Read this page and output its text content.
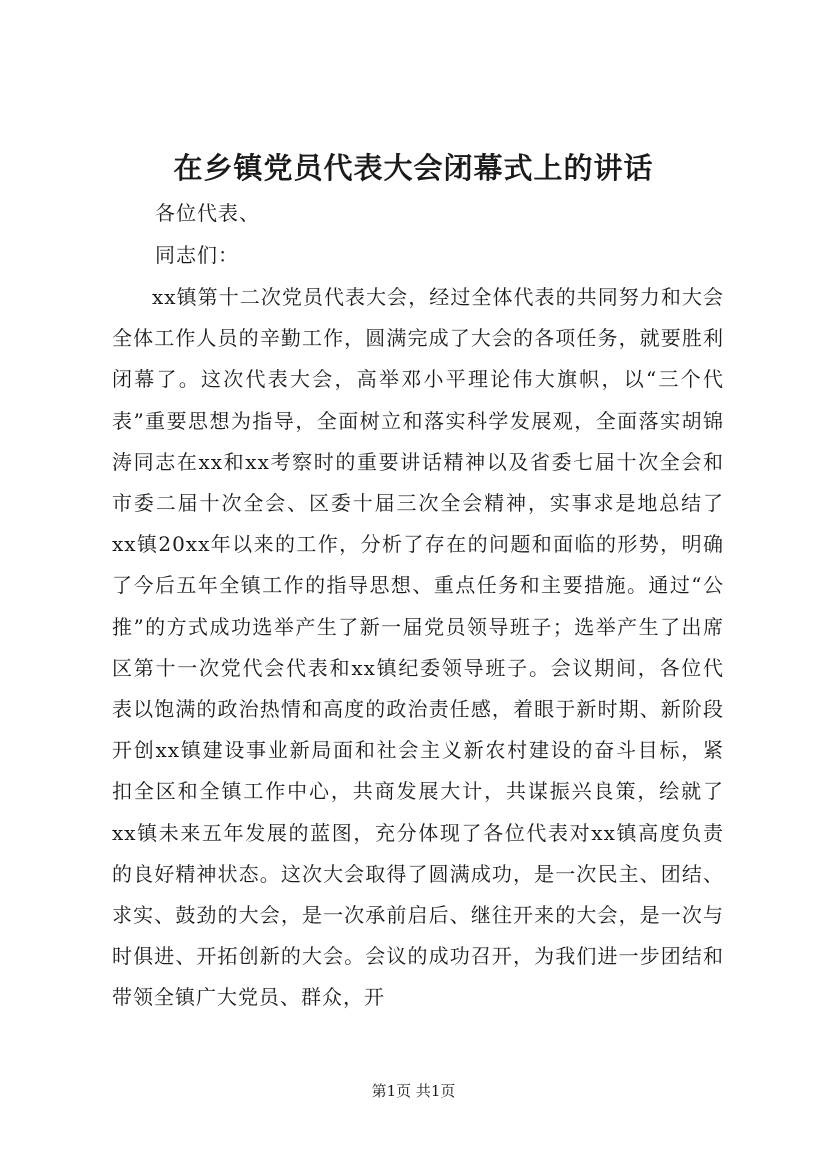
在乡镇党员代表大会闭幕式上的讲话
各位代表、
同志们：

xx镇第十二次党员代表大会，经过全体代表的共同努力和大会全体工作人员的辛勤工作，圆满完成了大会的各项任务，就要胜利闭幕了。这次代表大会，高举邓小平理论伟大旗帜，以“三个代表”重要思想为指导，全面树立和落实科学发展观，全面落实胡锦涛同志在xx和xx考察时的重要讲话精神以及省委七届十次全会和市委二届十次全会、区委十届三次全会精神，实事求是地总结了xx镇20xx年以来的工作，分析了存在的问题和面临的形势，明确了今后五年全镇工作的指导思想、重点任务和主要措施。通过“公推”的方式成功选举产生了新一届党员领导班子；选举产生了出席区第十一次党代会代表和xx镇纪委领导班子。会议期间，各位代表以饱满的政治热情和高度的政治责任感，着眼于新时期、新阶段开创xx镇建设事业新局面和社会主义新农村建设的奋斗目标，紧扣全区和全镇工作中心，共商发展大计，共谋振兴良策，绘就了xx镇未来五年发展的蓝图，充分体现了各位代表对xx镇高度负责的良好精神状态。这次大会取得了圆满成功，是一次民主、团结、求实、鼓劲的大会，是一次承前启后、继往开来的大会，是一次与时俱进、开拓创新的大会。会议的成功召开，为我们进一步团结和带领全镇广大党员、群众，开

第1页 共1页
